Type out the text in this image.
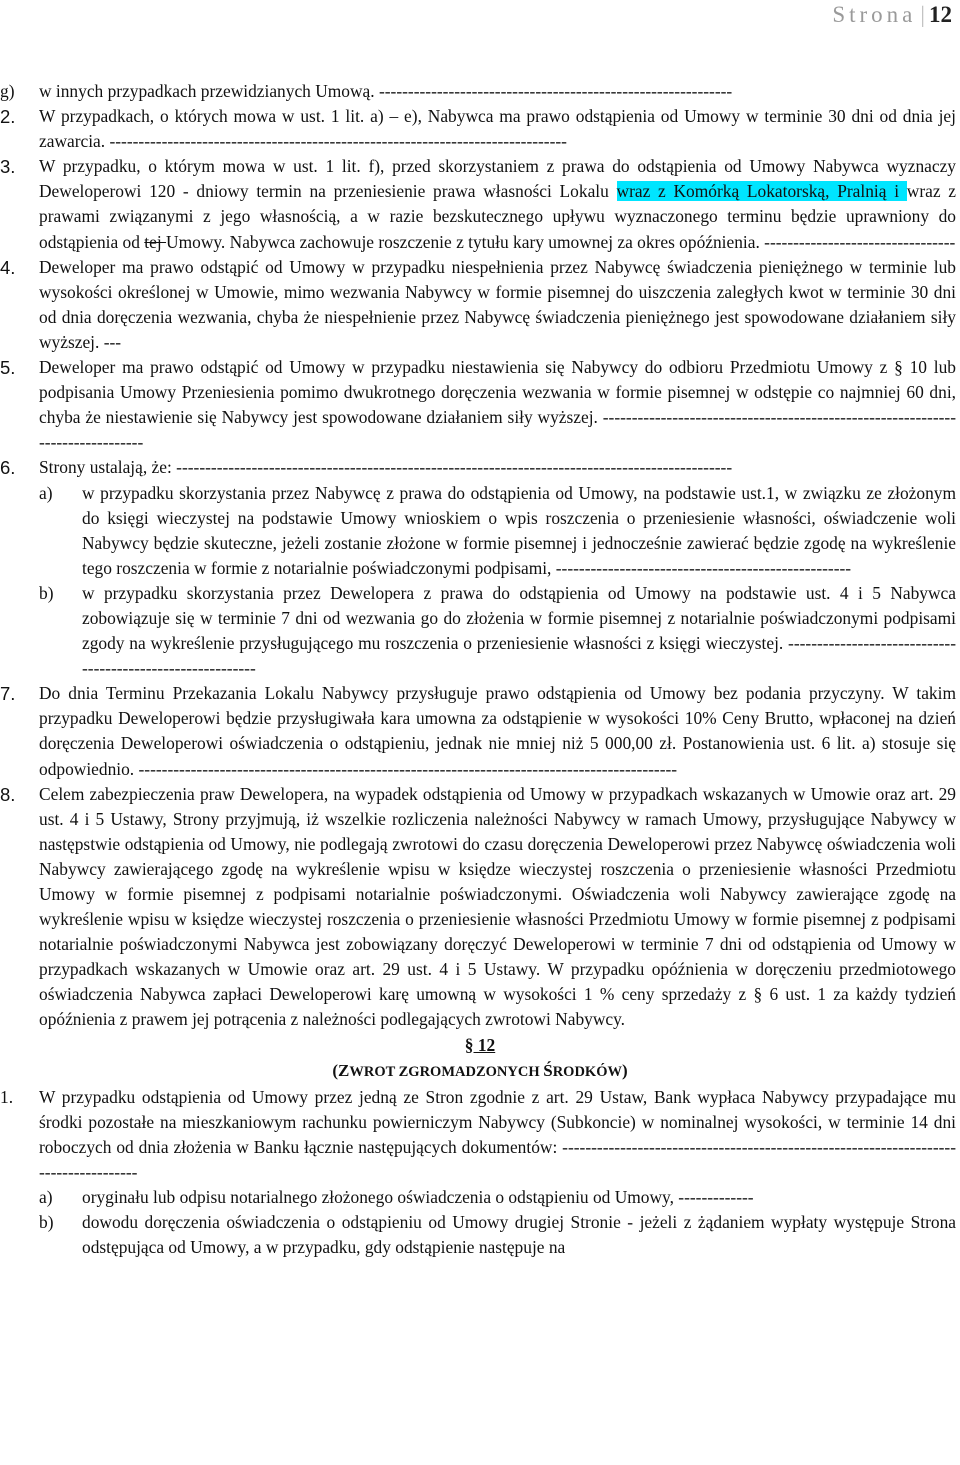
Strona | 12
g) w innych przypadkach przewidzianych Umową. -------------------------------------------------------------
2. W przypadkach, o których mowa w ust. 1 lit. a) – e), Nabywca ma prawo odstąpienia od Umowy w terminie 30 dni od dnia jej zawarcia. -------------------------------------------------------------------------------
3. W przypadku, o którym mowa w ust. 1 lit. f), przed skorzystaniem z prawa do odstąpienia od Umowy Nabywca wyznaczy Deweloperowi 120 - dniowy termin na przeniesienie prawa własności Lokalu wraz z Komórką Lokatorską, Pralnią i wraz z prawami związanymi z jego własnością, a w razie bezskutecznego upływu wyznaczonego terminu będzie uprawniony do odstąpienia od tej Umowy. Nabywca zachowuje roszczenie z tytułu kary umownej za okres opóźnienia. ---------------------------------
4. Deweloper ma prawo odstąpić od Umowy w przypadku niespełnienia przez Nabywcę świadczenia pieniężnego w terminie lub wysokości określonej w Umowie, mimo wezwania Nabywcy w formie pisemnej do uiszczenia zaległych kwot w terminie 30 dni od dnia doręczenia wezwania, chyba że niespełnienie przez Nabywcę świadczenia pieniężnego jest spowodowane działaniem siły wyższej. ---
5. Deweloper ma prawo odstąpić od Umowy w przypadku niestawienia się Nabywcy do odbioru Przedmiotu Umowy z § 10 lub podpisania Umowy Przeniesienia pomimo dwukrotnego doręczenia wezwania w formie pisemnej w odstępie co najmniej 60 dni, chyba że niestawienie się Nabywcy jest spowodowane działaniem siły wyższej. -------------------------------------------------------------------------------
6. Strony ustalają, że: ------------------------------------------------------------------------------------------------
a) w przypadku skorzystania przez Nabywcę z prawa do odstąpienia od Umowy, na podstawie ust.1, w związku ze złożonym do księgi wieczystej na podstawie Umowy wnioskiem o wpis roszczenia o przeniesienie własności, oświadczenie woli Nabywcy będzie skuteczne, jeżeli zostanie złożone w formie pisemnej i jednocześnie zawierać będzie zgodę na wykreślenie tego roszczenia w formie z notarialnie poświadczonymi podpisami, ---------------------------------------------------
b) w przypadku skorzystania przez Dewelopera z prawa do odstąpienia od Umowy na podstawie ust. 4 i 5 Nabywca zobowiązuje się w terminie 7 dni od wezwania go do złożenia w formie pisemnej z notarialnie poświadczonymi podpisami zgody na wykreślenie przysługującego mu roszczenia o przeniesienie własności z księgi wieczystej. -----------------------------------------------------------
7. Do dnia Terminu Przekazania Lokalu Nabywcy przysługuje prawo odstąpienia od Umowy bez podania przyczyny. W takim przypadku Deweloperowi będzie przysługiwała kara umowna za odstąpienie w wysokości 10% Ceny Brutto, wpłaconej na dzień doręczenia Deweloperowi oświadczenia o odstąpieniu, jednak nie mniej niż 5 000,00 zł. Postanowienia ust. 6 lit. a) stosuje się odpowiednio. ---------------------------------------------------------------------------------------------
8. Celem zabezpieczenia praw Dewelopera, na wypadek odstąpienia od Umowy w przypadkach wskazanych w Umowie oraz art. 29 ust. 4 i 5 Ustawy, Strony przyjmują, iż wszelkie rozliczenia należności Nabywcy w ramach Umowy, przysługujące Nabywcy w następstwie odstąpienia od Umowy, nie podlegają zwrotowi do czasu doręczenia Deweloperowi przez Nabywcę oświadczenia woli Nabywcy zawierającego zgodę na wykreślenie wpisu w księdze wieczystej roszczenia o przeniesienie własności Przedmiotu Umowy w formie pisemnej z podpisami notarialnie poświadczonymi. Oświadczenia woli Nabywcy zawierające zgodę na wykreślenie wpisu w księdze wieczystej roszczenia o przeniesienie własności Przedmiotu Umowy w formie pisemnej z podpisami notarialnie poświadczonymi Nabywca jest zobowiązany doręczyć Deweloperowi w terminie 7 dni od odstąpienia od Umowy w przypadkach wskazanych w Umowie oraz art. 29 ust. 4 i 5 Ustawy. W przypadku opóźnienia w doręczeniu przedmiotowego oświadczenia Nabywca zapłaci Deweloperowi karę umowną w wysokości 1 % ceny sprzedaży z § 6 ust. 1 za każdy tydzień opóźnienia z prawem jej potrącenia z należności podlegających zwrotowi Nabywcy.
§ 12
(ZWROT ZGROMADZONYCH ŚRODKÓW)
1. W przypadku odstąpienia od Umowy przez jedną ze Stron zgodnie z art. 29 Ustaw, Bank wypłaca Nabywcy przypadające mu środki pozostałe na mieszkaniowym rachunku powierniczym Nabywcy (Subkoncie) w nominalnej wysokości, w terminie 14 dni roboczych od dnia złożenia w Banku łącznie następujących dokumentów: -------------------------------------------------------------------------------------
a) oryginału lub odpisu notarialnego złożonego oświadczenia o odstąpieniu od Umowy, -------------
b) dowodu doręczenia oświadczenia o odstąpieniu od Umowy drugiej Stronie - jeżeli z żądaniem wypłaty występuje Strona odstępująca od Umowy, a w przypadku, gdy odstąpienie następuje na
